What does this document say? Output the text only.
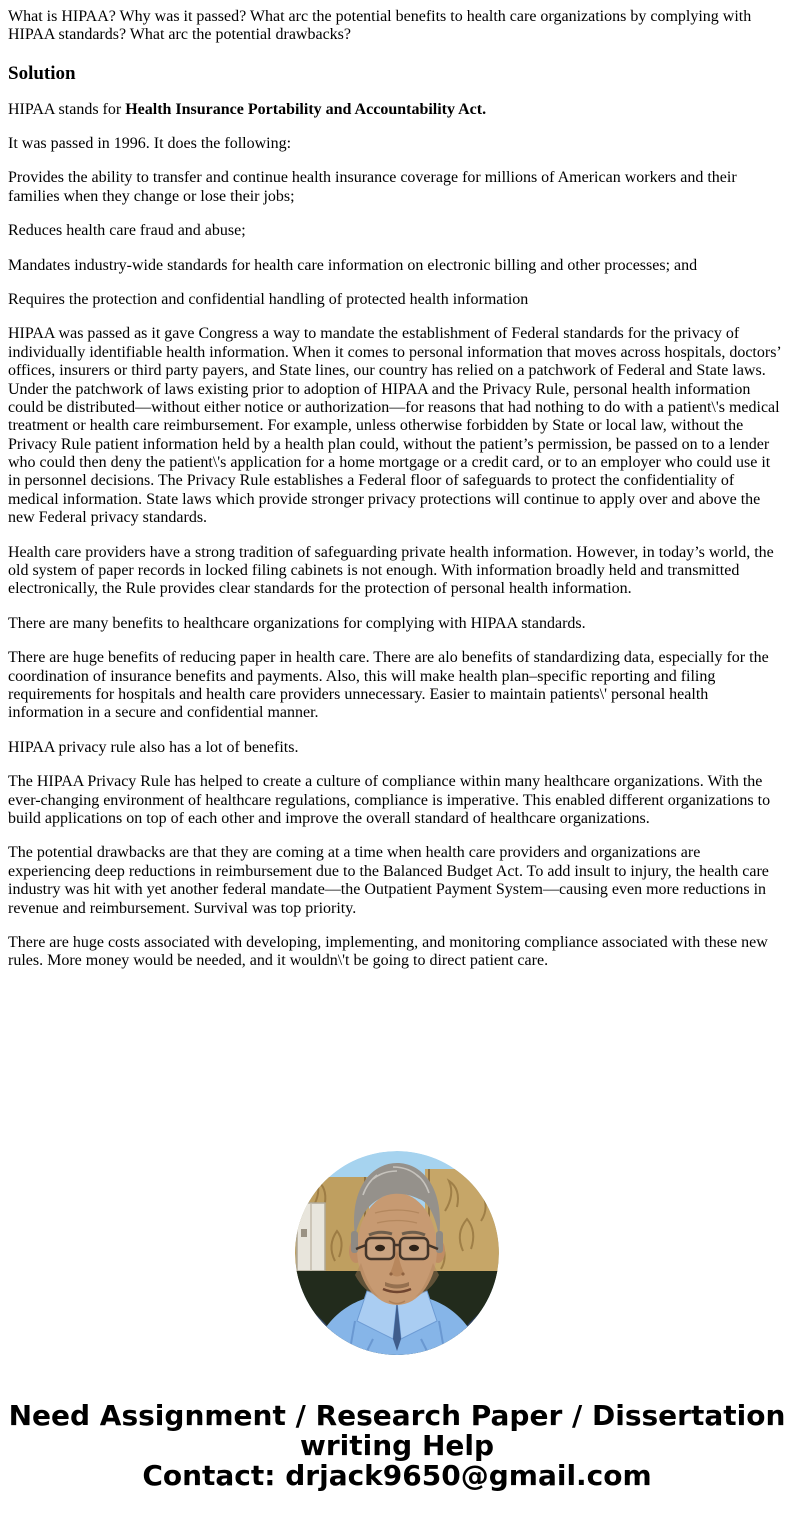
What is HIPAA? Why was it passed? What arc the potential benefits to health care organizations by complying with HIPAA standards? What arc the potential drawbacks?

Solution

HIPAA stands for Health Insurance Portability and Accountability Act.

It was passed in 1996. It does the following:

Provides the ability to transfer and continue health insurance coverage for millions of American workers and their families when they change or lose their jobs;

Reduces health care fraud and abuse;

Mandates industry-wide standards for health care information on electronic billing and other processes; and

Requires the protection and confidential handling of protected health information

HIPAA was passed as it gave Congress a way to mandate the establishment of Federal standards for the privacy of individually identifiable health information. When it comes to personal information that moves across hospitals, doctors’ offices, insurers or third party payers, and State lines, our country has relied on a patchwork of Federal and State laws. Under the patchwork of laws existing prior to adoption of HIPAA and the Privacy Rule, personal health information could be distributed—without either notice or authorization—for reasons that had nothing to do with a patient\'s medical treatment or health care reimbursement. For example, unless otherwise forbidden by State or local law, without the Privacy Rule patient information held by a health plan could, without the patient’s permission, be passed on to a lender who could then deny the patient\'s application for a home mortgage or a credit card, or to an employer who could use it in personnel decisions. The Privacy Rule establishes a Federal floor of safeguards to protect the confidentiality of medical information. State laws which provide stronger privacy protections will continue to apply over and above the new Federal privacy standards.

Health care providers have a strong tradition of safeguarding private health information. However, in today’s world, the old system of paper records in locked filing cabinets is not enough. With information broadly held and transmitted electronically, the Rule provides clear standards for the protection of personal health information.

There are many benefits to healthcare organizations for complying with HIPAA standards.

There are huge benefits of reducing paper in health care. There are alo benefits of standardizing data, especially for the coordination of insurance benefits and payments. Also, this will make health plan–specific reporting and filing requirements for hospitals and health care providers unnecessary. Easier to maintain patients\' personal health information in a secure and confidential manner.

HIPAA privacy rule also has a lot of benefits.

The HIPAA Privacy Rule has helped to create a culture of compliance within many healthcare organizations. With the ever-changing environment of healthcare regulations, compliance is imperative. This enabled different organizations to build applications on top of each other and improve the overall standard of healthcare organizations.

The potential drawbacks are that they are coming at a time when health care providers and organizations are experiencing deep reductions in reimbursement due to the Balanced Budget Act. To add insult to injury, the health care industry was hit with yet another federal mandate—the Outpatient Payment System—causing even more reductions in revenue and reimbursement. Survival was top priority.

There are huge costs associated with developing, implementing, and monitoring compliance associated with these new rules. More money would be needed, and it wouldn\'t be going to direct patient care.

Need Assignment / Research Paper / Dissertation writing Help
Contact: drjack9650@gmail.com
